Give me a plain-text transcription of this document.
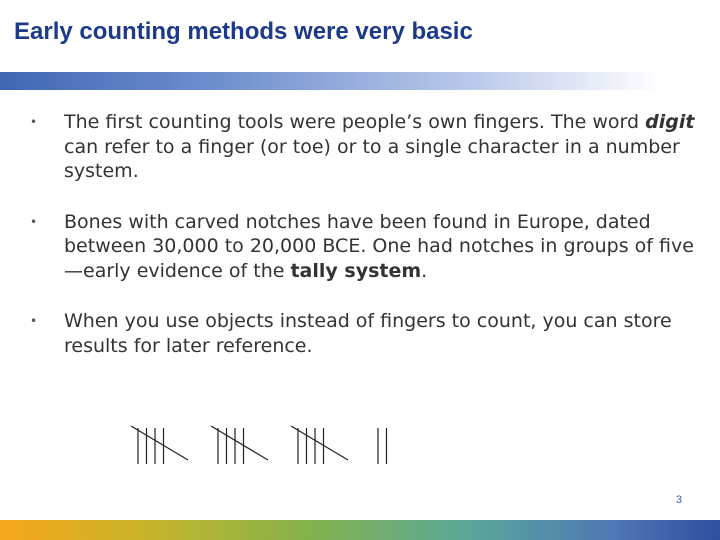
Early counting methods were very basic
• The first counting tools were people’s own fingers. The word digit can refer to a finger (or toe) or to a single character in a number system.
• Bones with carved notches have been found in Europe, dated between 30,000 to 20,000 BCE. One had notches in groups of five—early evidence of the tally system.
• When you use objects instead of fingers to count, you can store results for later reference.
3
